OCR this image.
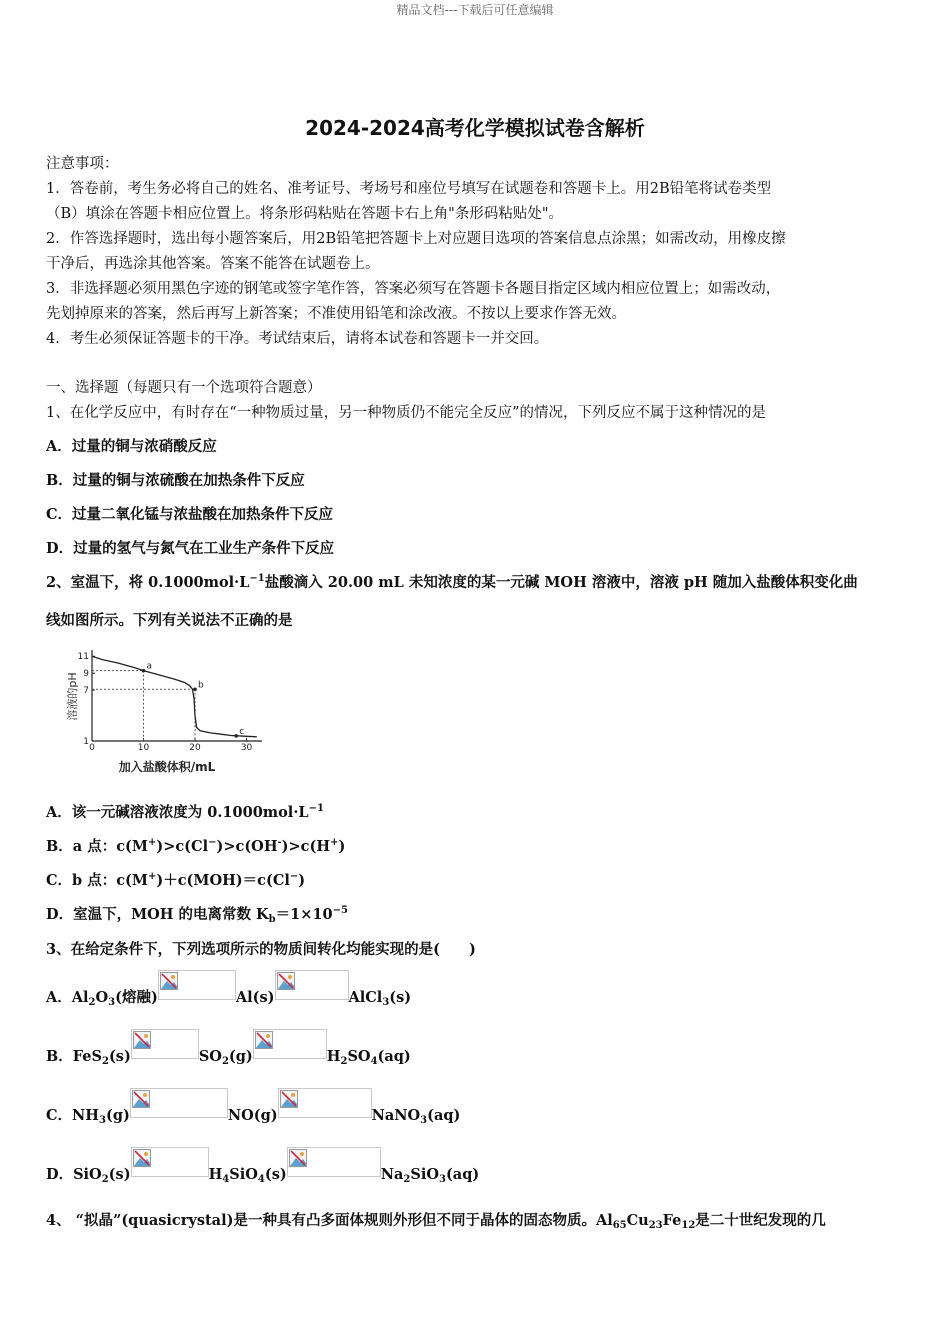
精品文档---下载后可任意编辑
2024-2024高考化学模拟试卷含解析
注意事项：
1．答卷前，考生务必将自己的姓名、准考证号、考场号和座位号填写在试题卷和答题卡上。用2B铅笔将试卷类型
（B）填涂在答题卡相应位置上。将条形码粘贴在答题卡右上角"条形码粘贴处"。
2．作答选择题时，选出每小题答案后，用2B铅笔把答题卡上对应题目选项的答案信息点涂黑；如需改动，用橡皮擦
干净后，再选涂其他答案。答案不能答在试题卷上。
3．非选择题必须用黑色字迹的钢笔或签字笔作答，答案必须写在答题卡各题目指定区域内相应位置上；如需改动，
先划掉原来的答案，然后再写上新答案；不准使用铅笔和涂改液。不按以上要求作答无效。
4．考生必须保证答题卡的干净。考试结束后，请将本试卷和答题卡一并交回。
一、选择题（每题只有一个选项符合题意）
1、在化学反应中，有时存在“一种物质过量，另一种物质仍不能完全反应”的情况，下列反应不属于这种情况的是
A．过量的铜与浓硝酸反应
B．过量的铜与浓硫酸在加热条件下反应
C．过量二氧化锰与浓盐酸在加热条件下反应
D．过量的氢气与氮气在工业生产条件下反应
2、室温下，将 $0.1000mol\cdot L^{-1}$盐酸滴入 20.00 mL 未知浓度的某一元碱 MOH 溶液中，溶液 pH 随加入盐酸体积变化曲
线如图所示。下列有关说法不正确的是
1
7
9
11
0	10	20	30
a
b
c
溶液的pH
加入盐酸体积/mL
A．该一元碱溶液浓度为 $0.1000mol\cdot L^{-1}$
B．a 点：c(M+)>c(Cl−)>c(OH-)>c(H+)
C．b 点：c(M+)＋c(MOH)＝c(Cl−)
D．室温下，MOH 的电离常数 $K_b=1\times 10^{-5}$
3、在给定条件下，下列选项所示的物质间转化均能实现的是(　　)
A．$Al_2O_3$(熔融)	Al(s)	AlCl$_3$(s)
B．FeS$_2$(s)	$SO_2(g)$	$H_2SO_4(aq)$
C．$NH_3(g)$	NO(g)	NaNO$_3$(aq)
D．SiO$_2$(s)	$H_4SiO_4(s)$	$Na_2SiO_3(aq)$
4、 “拟晶”(quasicrystal)是一种具有凸多面体规则外形但不同于晶体的固态物质。$Al_{65}Cu_{23}Fe_{12}$是二十世纪发现的几
